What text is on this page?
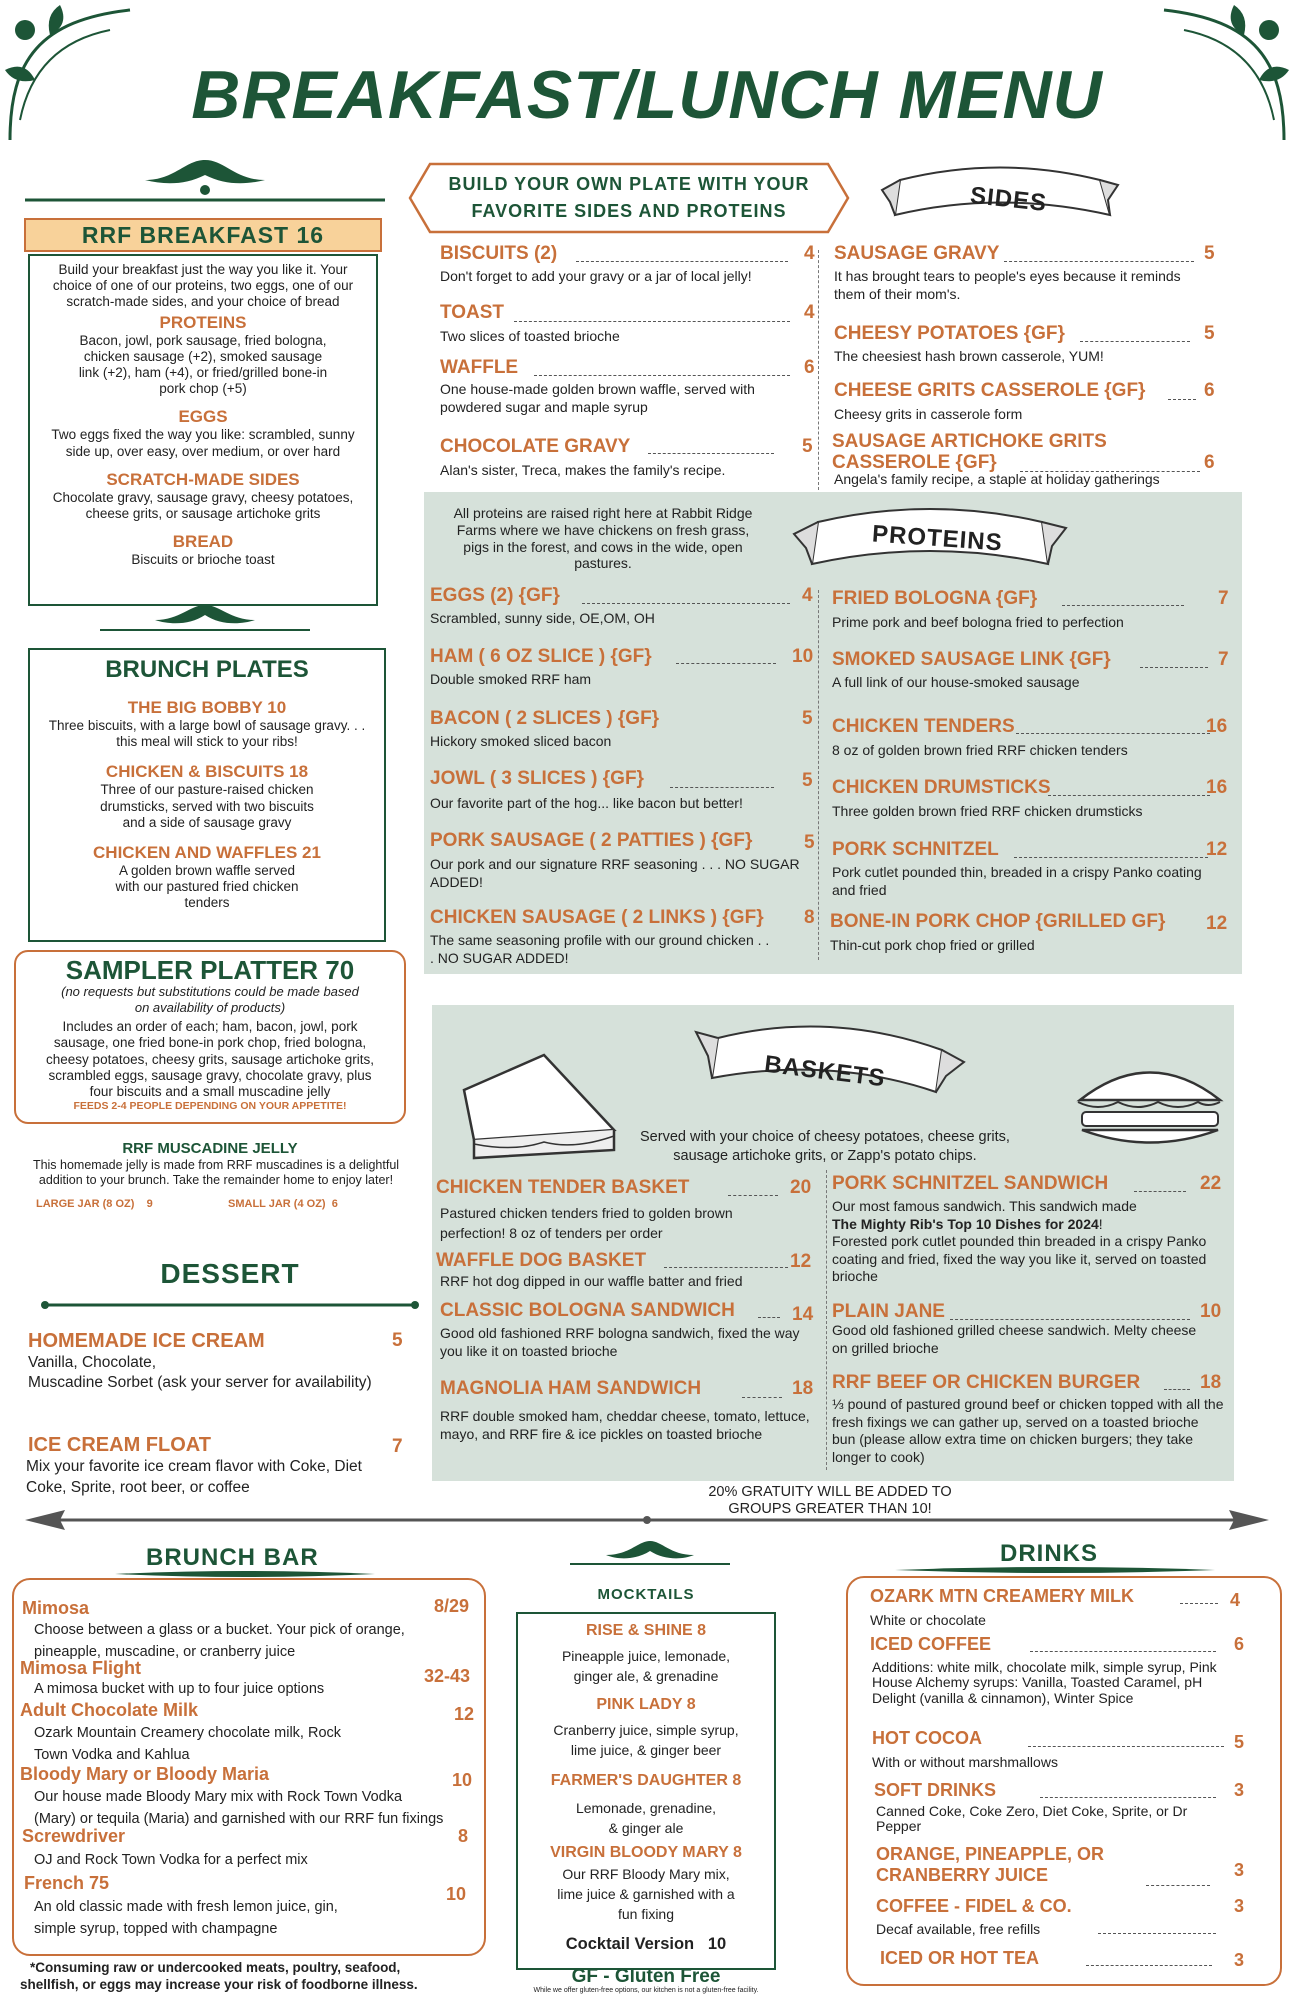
BREAKFAST/LUNCH MENU
RRF BREAKFAST 16
Build your breakfast just the way you like it. Your choice of one of our proteins, two eggs, one of our scratch-made sides, and your choice of bread
PROTEINS
Bacon, jowl, pork sausage, fried bologna, chicken sausage (+2), smoked sausage link (+2), ham (+4), or fried/grilled bone-in pork chop (+5)
EGGS
Two eggs fixed the way you like: scrambled, sunny side up, over easy, over medium, or over hard
SCRATCH-MADE SIDES
Chocolate gravy, sausage gravy, cheesy potatoes, cheese grits, or sausage artichoke grits
BREAD
Biscuits or brioche toast
BRUNCH PLATES
THE BIG BOBBY 10
Three biscuits, with a large bowl of sausage gravy. . . this meal will stick to your ribs!
CHICKEN & BISCUITS 18
Three of our pasture-raised chicken drumsticks, served with two biscuits and a side of sausage gravy
CHICKEN AND WAFFLES 21
A golden brown waffle served with our pastured fried chicken tenders
SAMPLER PLATTER 70
(no requests but substitutions could be made based on availability of products)
Includes an order of each; ham, bacon, jowl, pork sausage, one fried bone-in pork chop, fried bologna, cheesy potatoes, cheesy grits, sausage artichoke grits, scrambled eggs, sausage gravy, chocolate gravy, plus four biscuits and a small muscadine jelly
FEEDS 2-4 PEOPLE DEPENDING ON YOUR APPETITE!
RRF MUSCADINE JELLY
This homemade jelly is made from RRF muscadines is a delightful addition to your brunch. Take the remainder home to enjoy later!
LARGE JAR (8 OZ)    9	SMALL JAR (4 OZ)  6
DESSERT
HOMEMADE ICE CREAM	5
Vanilla, Chocolate,
Muscadine Sorbet (ask your server for availability)
ICE CREAM FLOAT	7
Mix your favorite ice cream flavor with Coke, Diet
Coke, Sprite, root beer, or coffee
BUILD YOUR OWN PLATE WITH YOUR
FAVORITE SIDES AND PROTEINS	SIDES
BISCUITS (2)	4
Don't forget to add your gravy or a jar of local jelly!
TOAST	4
Two slices of toasted brioche
WAFFLE	6
One house-made golden brown waffle, served with powdered sugar and maple syrup
CHOCOLATE GRAVY	5
Alan's sister, Treca, makes the family's recipe.
SAUSAGE GRAVY	5
It has brought tears to people's eyes because it reminds them of their mom's.
CHEESY POTATOES {GF}	5
The cheesiest hash brown casserole, YUM!
CHEESE GRITS CASSEROLE {GF}	6
Cheesy grits in casserole form
SAUSAGE ARTICHOKE GRITS
CASSEROLE {GF}	6
Angela's family recipe, a staple at holiday gatherings
All proteins are raised right here at Rabbit Ridge Farms where we have chickens on fresh grass, pigs in the forest, and cows in the wide, open pastures.
PROTEINS
EGGS (2) {GF}	4
Scrambled, sunny side, OE,OM, OH
HAM ( 6 OZ SLICE ) {GF}	10
Double smoked RRF ham
BACON ( 2 SLICES ) {GF}	5
Hickory smoked sliced bacon
JOWL ( 3 SLICES ) {GF}	5
Our favorite part of the hog... like bacon but better!
PORK SAUSAGE ( 2 PATTIES ) {GF}	5
Our pork and our signature RRF seasoning . . . NO SUGAR ADDED!
CHICKEN SAUSAGE ( 2 LINKS ) {GF} 8
The same seasoning profile with our ground chicken . . . NO SUGAR ADDED!
FRIED BOLOGNA {GF}	7
Prime pork and beef bologna fried to perfection
SMOKED SAUSAGE LINK {GF}	7
A full link of our house-smoked sausage
CHICKEN TENDERS	16
8 oz of golden brown fried RRF chicken tenders
CHICKEN DRUMSTICKS	16
Three golden brown fried RRF chicken drumsticks
PORK SCHNITZEL	12
Pork cutlet pounded thin, breaded in a crispy Panko coating and fried
BONE-IN PORK CHOP {GRILLED GF} 12
Thin-cut pork chop fried or grilled
BASKETS
Served with your choice of cheesy potatoes, cheese grits, sausage artichoke grits, or Zapp's potato chips.
CHICKEN TENDER BASKET	20
Pastured chicken tenders fried to golden brown perfection! 8 oz of tenders per order
WAFFLE DOG BASKET	12
RRF hot dog dipped in our waffle batter and fried
CLASSIC BOLOGNA SANDWICH	14
Good old fashioned RRF bologna sandwich, fixed the way you like it on toasted brioche
MAGNOLIA HAM SANDWICH	18
RRF double smoked ham, cheddar cheese, tomato, lettuce, mayo, and RRF fire & ice pickles on toasted brioche
PORK SCHNITZEL SANDWICH	22
Our most famous sandwich. This sandwich made
The Mighty Rib's Top 10 Dishes for 2024!
Forested pork cutlet pounded thin breaded in a crispy Panko coating and fried, fixed the way you like it, served on toasted brioche
PLAIN JANE	10
Good old fashioned grilled cheese sandwich. Melty cheese on grilled brioche
RRF BEEF OR CHICKEN BURGER	18
⅓ pound of pastured ground beef or chicken topped with all the fresh fixings we can gather up, served on a toasted brioche bun (please allow extra time on chicken burgers; they take longer to cook)
20% GRATUITY WILL BE ADDED TO
GROUPS GREATER THAN 10!
BRUNCH BAR
Mimosa	8/29
Choose between a glass or a bucket. Your pick of orange,
pineapple, muscadine, or cranberry juice
Mimosa Flight	32-43
A mimosa bucket with up to four juice options
Adult Chocolate Milk	12
Ozark Mountain Creamery chocolate milk, Rock
Town Vodka and Kahlua
Bloody Mary or Bloody Maria	10
Our house made Bloody Mary mix with Rock Town Vodka
(Mary) or tequila (Maria) and garnished with our RRF fun fixings
Screwdriver	8
OJ and Rock Town Vodka for a perfect mix
French 75
10
An old classic made with fresh lemon juice, gin,
simple syrup, topped with champagne
*Consuming raw or undercooked meats, poultry, seafood,
shellfish, or eggs may increase your risk of foodborne illness.
MOCKTAILS
RISE & SHINE 8
Pineapple juice, lemonade,
ginger ale, & grenadine
PINK LADY 8
Cranberry juice, simple syrup,
lime juice, & ginger beer
FARMER'S DAUGHTER 8
Lemonade, grenadine,
& ginger ale
VIRGIN BLOODY MARY 8
Our RRF Bloody Mary mix,
lime juice & garnished with a
fun fixing
Cocktail Version   10
GF - Gluten Free
While we offer gluten-free options, our kitchen is not a gluten-free facility.
DRINKS
OZARK MTN CREAMERY MILK	4
White or chocolate
ICED COFFEE	6
Additions: white milk, chocolate milk, simple syrup, Pink House Alchemy syrups: Vanilla, Toasted Caramel, pH Delight (vanilla & cinnamon), Winter Spice
HOT COCOA	5
With or without marshmallows
SOFT DRINKS	3
Canned Coke, Coke Zero, Diet Coke, Sprite, or Dr Pepper
ORANGE, PINEAPPLE, OR
CRANBERRY JUICE	3
COFFEE - FIDEL & CO.	3
Decaf available, free refills
ICED OR HOT TEA	3
